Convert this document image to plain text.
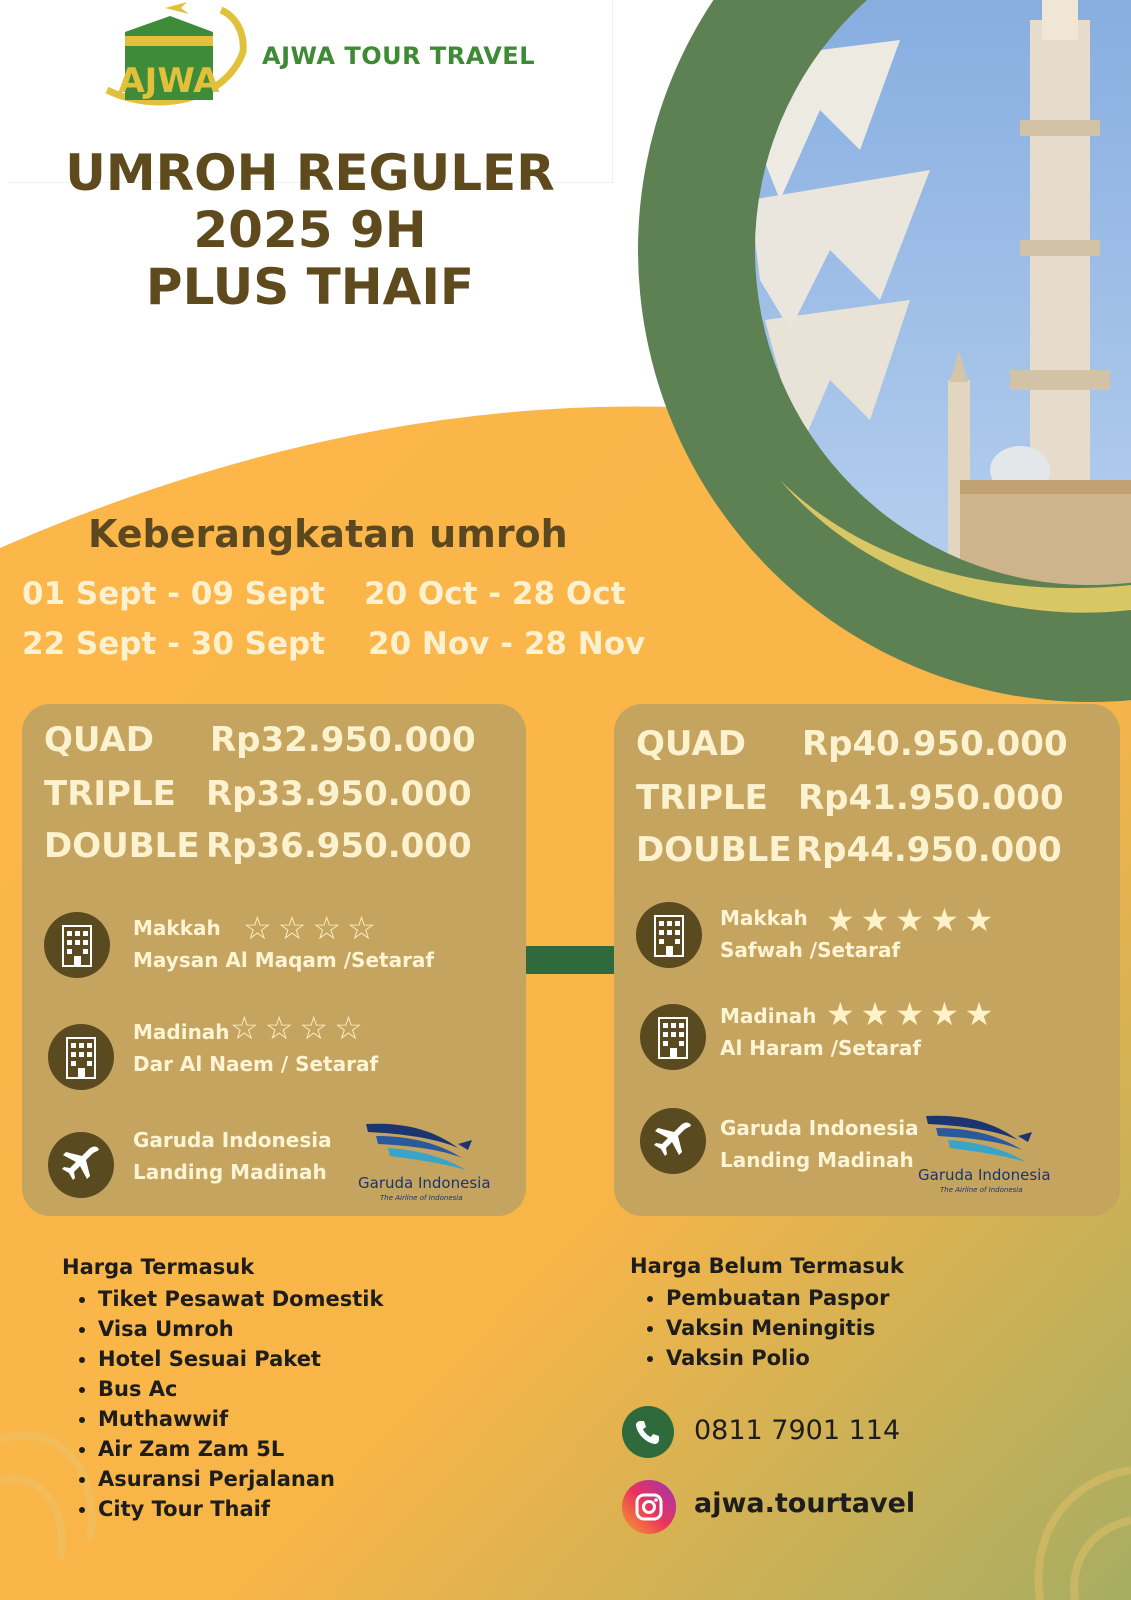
AJWA
AJWA TOUR TRAVEL
UMROH REGULER
2025 9H
PLUS THAIF
Keberangkatan umroh
01 Sept - 09 Sept 20 Oct - 28 Oct
22 Sept - 30 Sept 20 Nov - 28 Nov
QUAD Rp32.950.000
TRIPLE Rp33.950.000
DOUBLE Rp36.950.000
Makkah ☆☆☆☆
Maysan Al Maqam /Setaraf
Madinah ☆☆☆☆
Dar Al Naem / Setaraf
Garuda Indonesia
Landing Madinah Garuda Indonesia
The Airline of Indonesia
QUAD Rp40.950.000
TRIPLE Rp41.950.000
DOUBLE Rp44.950.000
Makkah ★★★★★
Safwah /Setaraf
Madinah ★★★★★
Al Haram /Setaraf
Garuda Indonesia
Landing Madinah
Garuda Indonesia
The Airline of Indonesia
Harga Termasuk
• Tiket Pesawat Domestik
• Visa Umroh
• Hotel Sesuai Paket
• Bus Ac
• Muthawwif
• Air Zam Zam 5L
• Asuransi Perjalanan
• City Tour Thaif
Harga Belum Termasuk
• Pembuatan Paspor
• Vaksin Meningitis
• Vaksin Polio
0811 7901 114
ajwa.tourtavel
